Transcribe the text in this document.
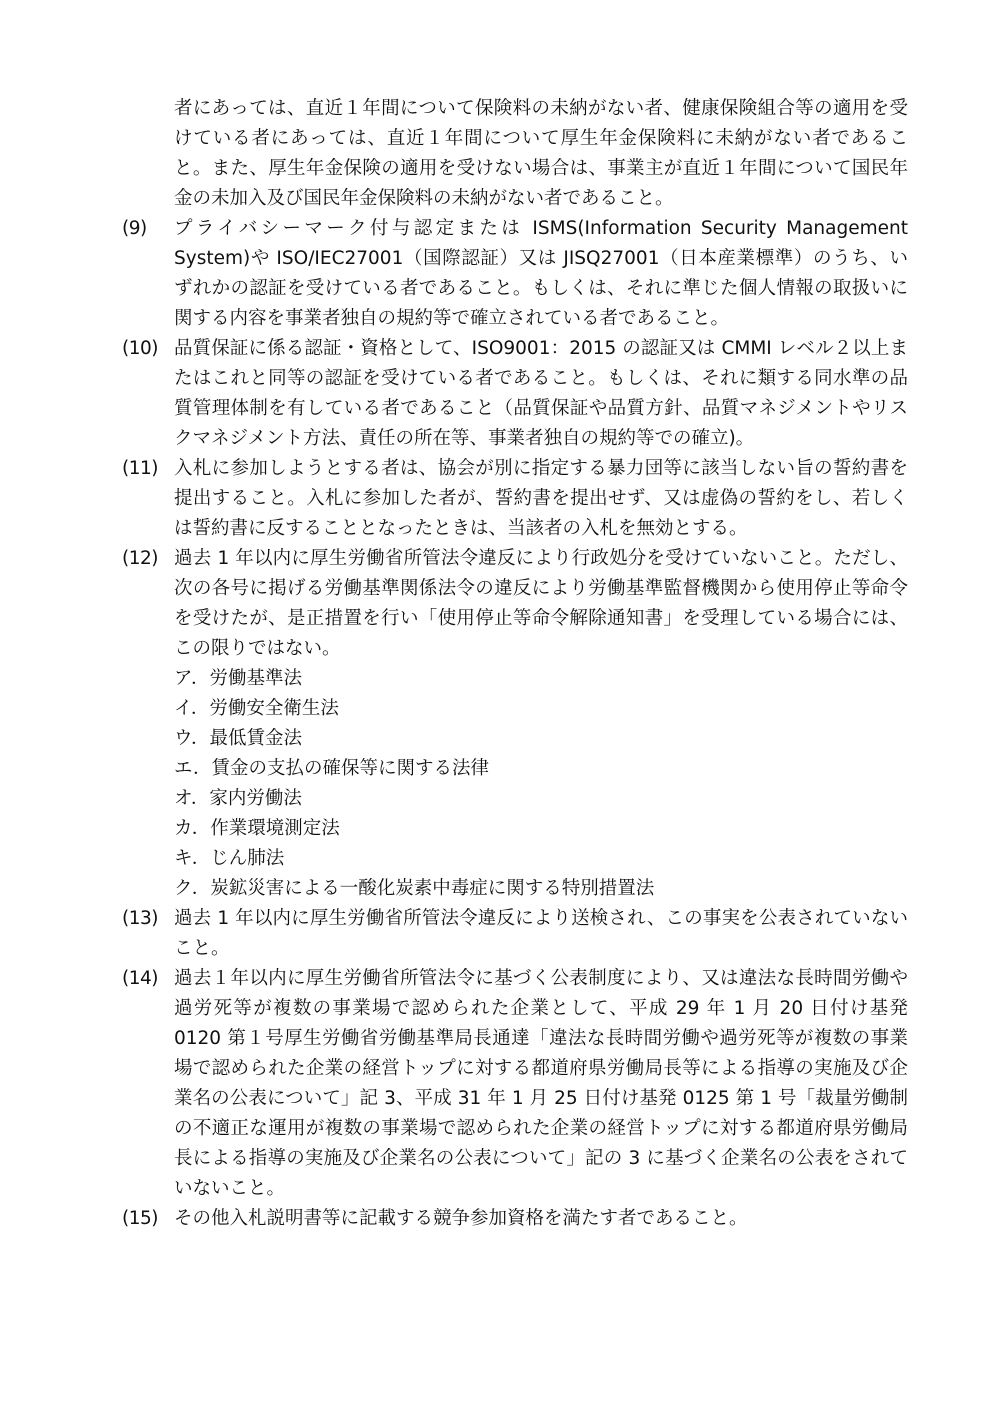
者にあっては、直近１年間について保険料の未納がない者、健康保険組合等の適用を受けている者にあっては、直近１年間について厚生年金保険料に未納がない者であること。また、厚生年金保険の適用を受けない場合は、事業主が直近１年間について国民年金の未加入及び国民年金保険料の未納がない者であること。
(9)	プライバシーマーク付与認定または ISMS(Information Security Management System)や ISO/IEC27001（国際認証）又は JISQ27001（日本産業標準）のうち、いずれかの認証を受けている者であること。もしくは、それに準じた個人情報の取扱いに関する内容を事業者独自の規約等で確立されている者であること。
(10) 品質保証に係る認証・資格として、ISO9001：2015 の認証又は CMMI レベル２以上またはこれと同等の認証を受けている者であること。もしくは、それに類する同水準の品質管理体制を有している者であること（品質保証や品質方針、品質マネジメントやリスクマネジメント方法、責任の所在等、事業者独自の規約等での確立)。
(11) 入札に参加しようとする者は、協会が別に指定する暴力団等に該当しない旨の誓約書を提出すること。入札に参加した者が、誓約書を提出せず、又は虚偽の誓約をし、若しくは誓約書に反することとなったときは、当該者の入札を無効とする。
(12) 過去 1 年以内に厚生労働省所管法令違反により行政処分を受けていないこと。ただし、次の各号に掲げる労働基準関係法令の違反により労働基準監督機関から使用停止等命令を受けたが、是正措置を行い「使用停止等命令解除通知書」を受理している場合には、この限りではない。
ア．労働基準法
イ．労働安全衛生法
ウ．最低賃金法
エ．賃金の支払の確保等に関する法律
オ．家内労働法
カ．作業環境測定法
キ．じん肺法
ク．炭鉱災害による一酸化炭素中毒症に関する特別措置法
(13) 過去 1 年以内に厚生労働省所管法令違反により送検され、この事実を公表されていないこと。
(14) 過去１年以内に厚生労働省所管法令に基づく公表制度により、又は違法な長時間労働や過労死等が複数の事業場で認められた企業として、平成 29 年 1 月 20 日付け基発 0120 第１号厚生労働省労働基準局長通達「違法な長時間労働や過労死等が複数の事業場で認められた企業の経営トップに対する都道府県労働局長等による指導の実施及び企業名の公表について」記 3、平成 31 年 1 月 25 日付け基発 0125 第 1 号「裁量労働制の不適正な運用が複数の事業場で認められた企業の経営トップに対する都道府県労働局長による指導の実施及び企業名の公表について」記の 3 に基づく企業名の公表をされていないこと。
(15) その他入札説明書等に記載する競争参加資格を満たす者であること。
